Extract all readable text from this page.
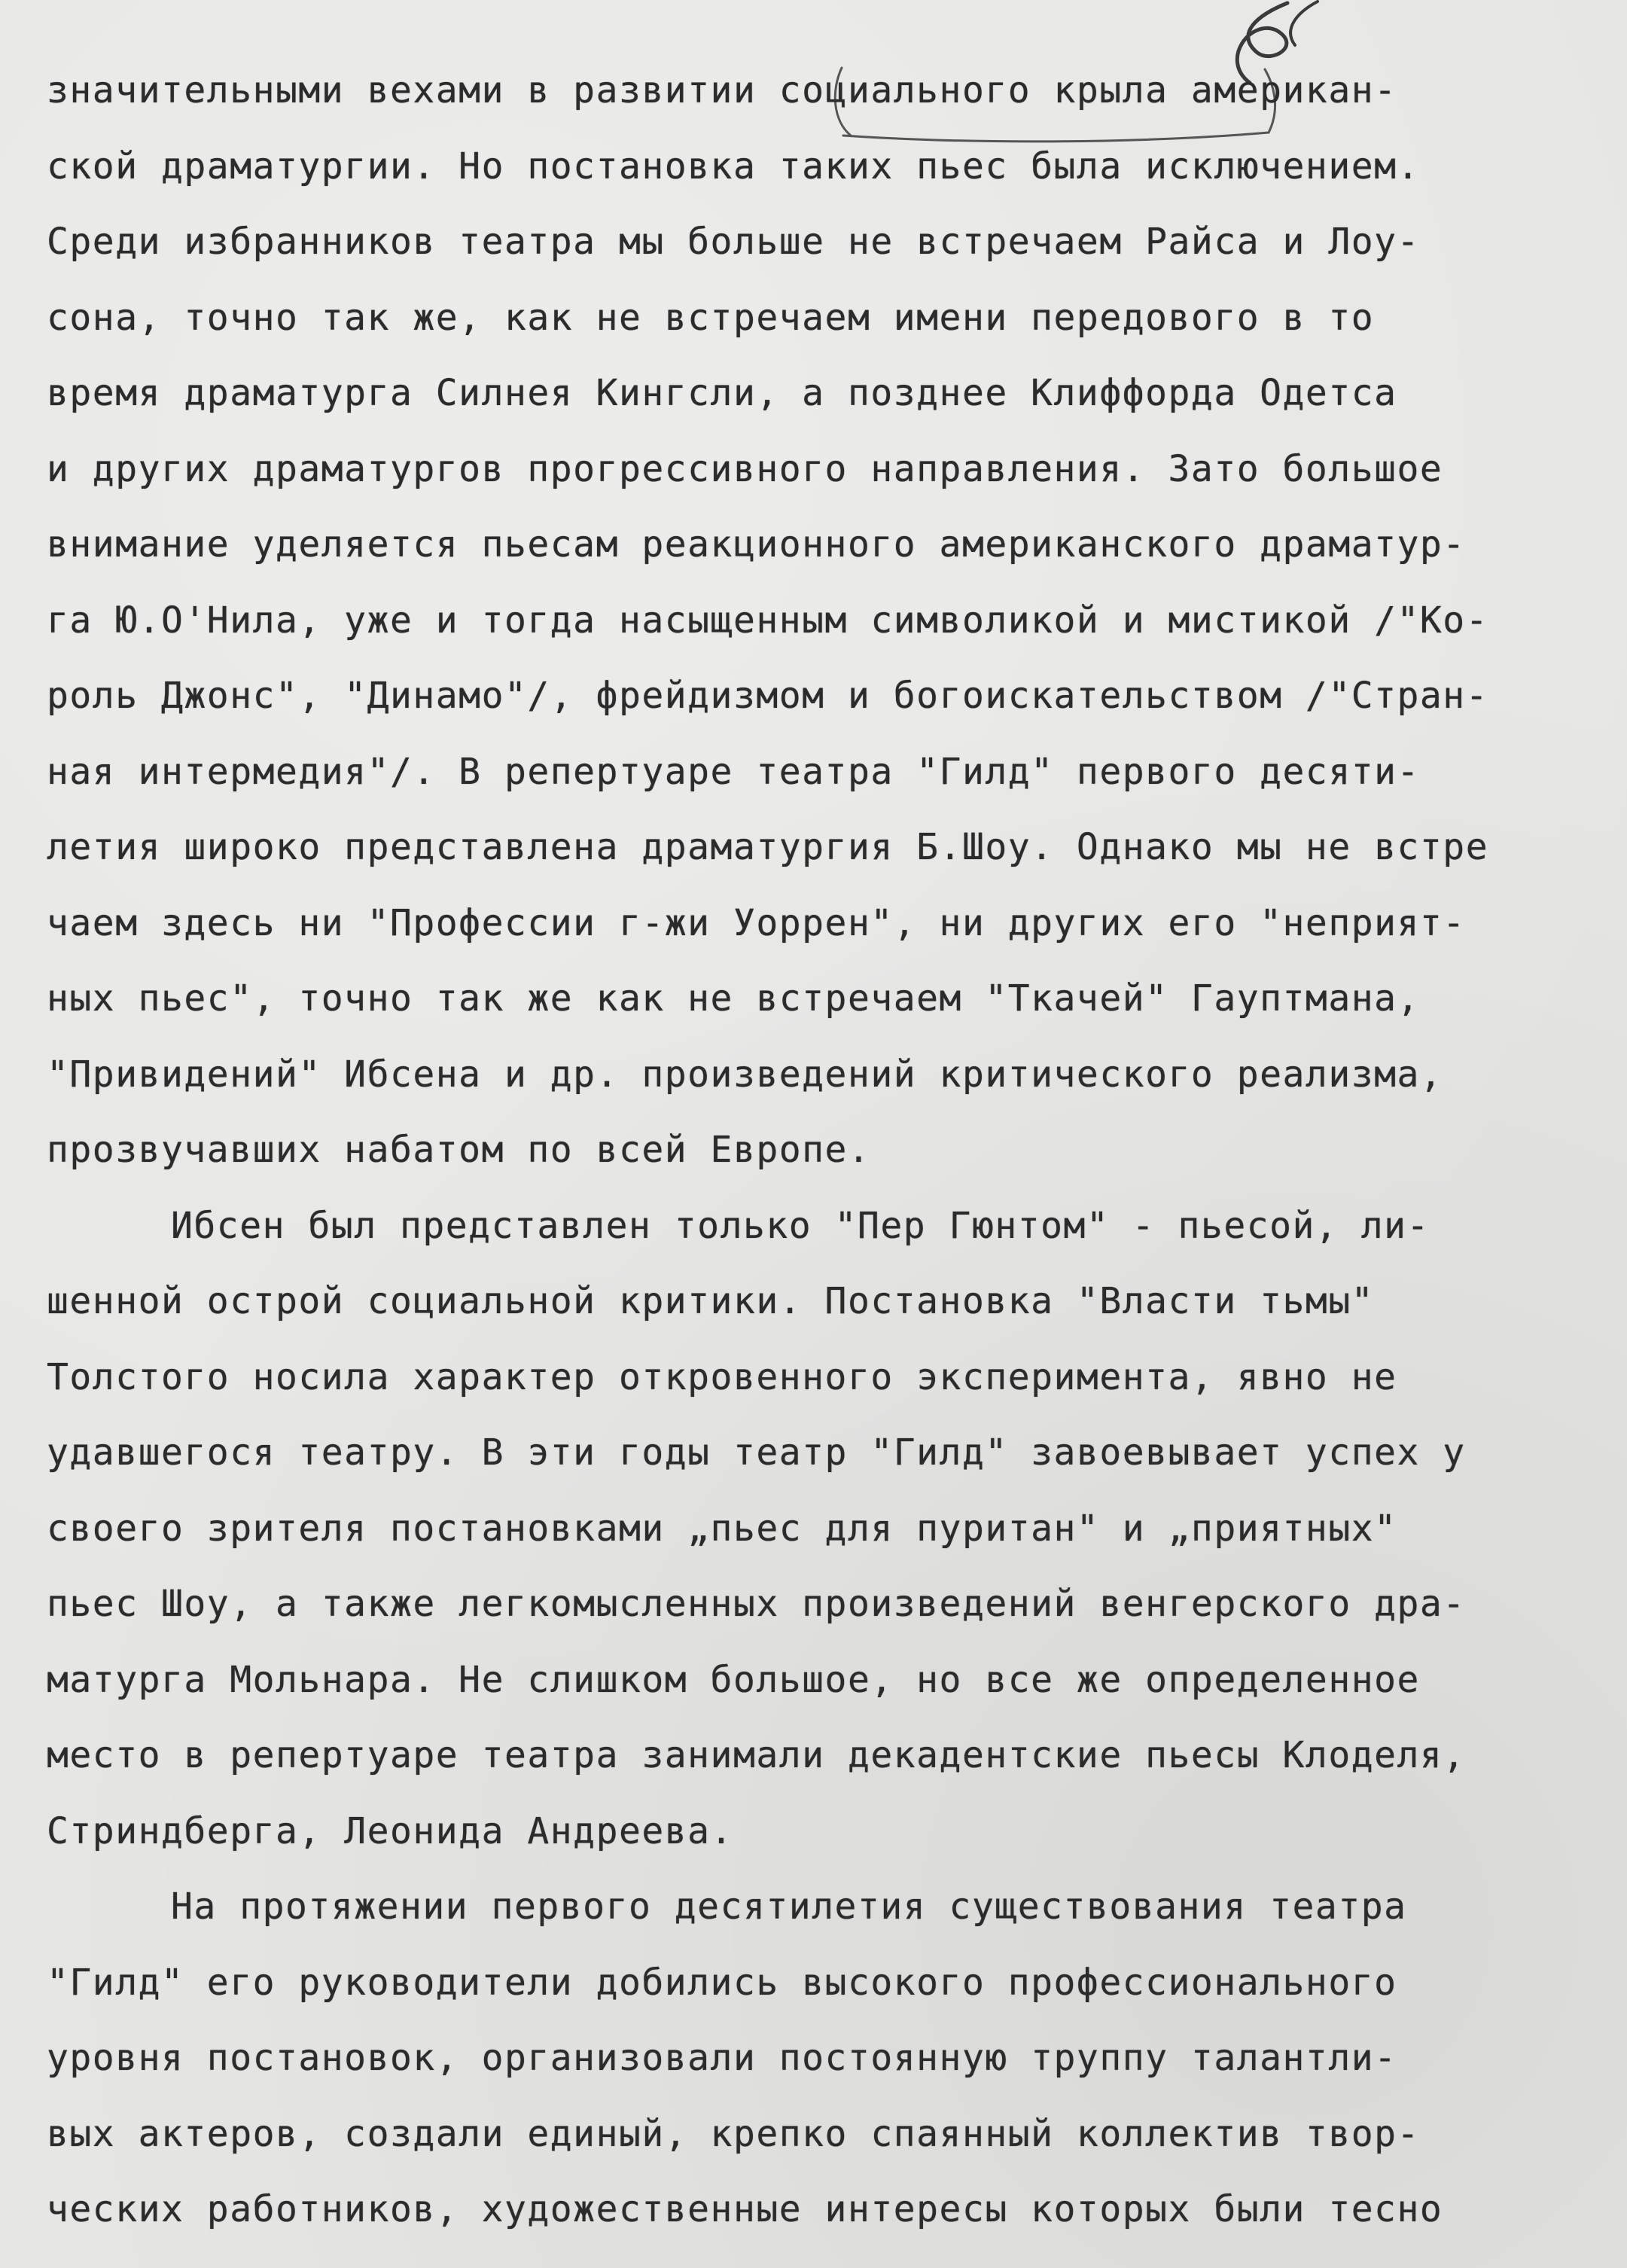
значительными вехами в развитии социального крыла американ-
ской драматургии. Но постановка таких пьес была исключением.
Среди избранников театра мы больше не встречаем Райса и Лоу-
сона, точно так же, как не встречаем имени передового в то
время драматурга Силнея Кингсли, а позднее Клиффорда Одетса
и других драматургов прогрессивного направления. Зато большое
внимание уделяется пьесам реакционного американского драматур-
га Ю.О'Нила, уже и тогда насыщенным символикой и мистикой /"Ко-
роль Джонс", "Динамо"/, фрейдизмом и богоискательством /"Стран-
ная интермедия"/. В репертуаре театра "Гилд" первого десяти-
летия широко представлена драматургия Б.Шоу. Однако мы не встре
чаем здесь ни "Профессии г-жи Уоррен", ни других его "неприят-
ных пьес", точно так же как не встречаем "Ткачей" Гауптмана,
"Привидений" Ибсена и др. произведений критического реализма,
прозвучавших набатом по всей Европе.
Ибсен был представлен только "Пер Гюнтом" - пьесой, ли-
шенной острой социальной критики. Постановка "Власти тьмы"
Толстого носила характер откровенного эксперимента, явно не
удавшегося театру. В эти годы театр "Гилд" завоевывает успех у
своего зрителя постановками „пьес для пуритан" и „приятных"
пьес Шоу, а также легкомысленных произведений венгерского дра-
матурга Мольнара. Не слишком большое, но все же определенное
место в репертуаре театра занимали декадентские пьесы Клоделя,
Стриндберга, Леонида Андреева.
На протяжении первого десятилетия существования театра
"Гилд" его руководители добились высокого профессионального
уровня постановок, организовали постоянную труппу талантли-
вых актеров, создали единый, крепко спаянный коллектив твор-
ческих работников, художественные интересы которых были тесно
